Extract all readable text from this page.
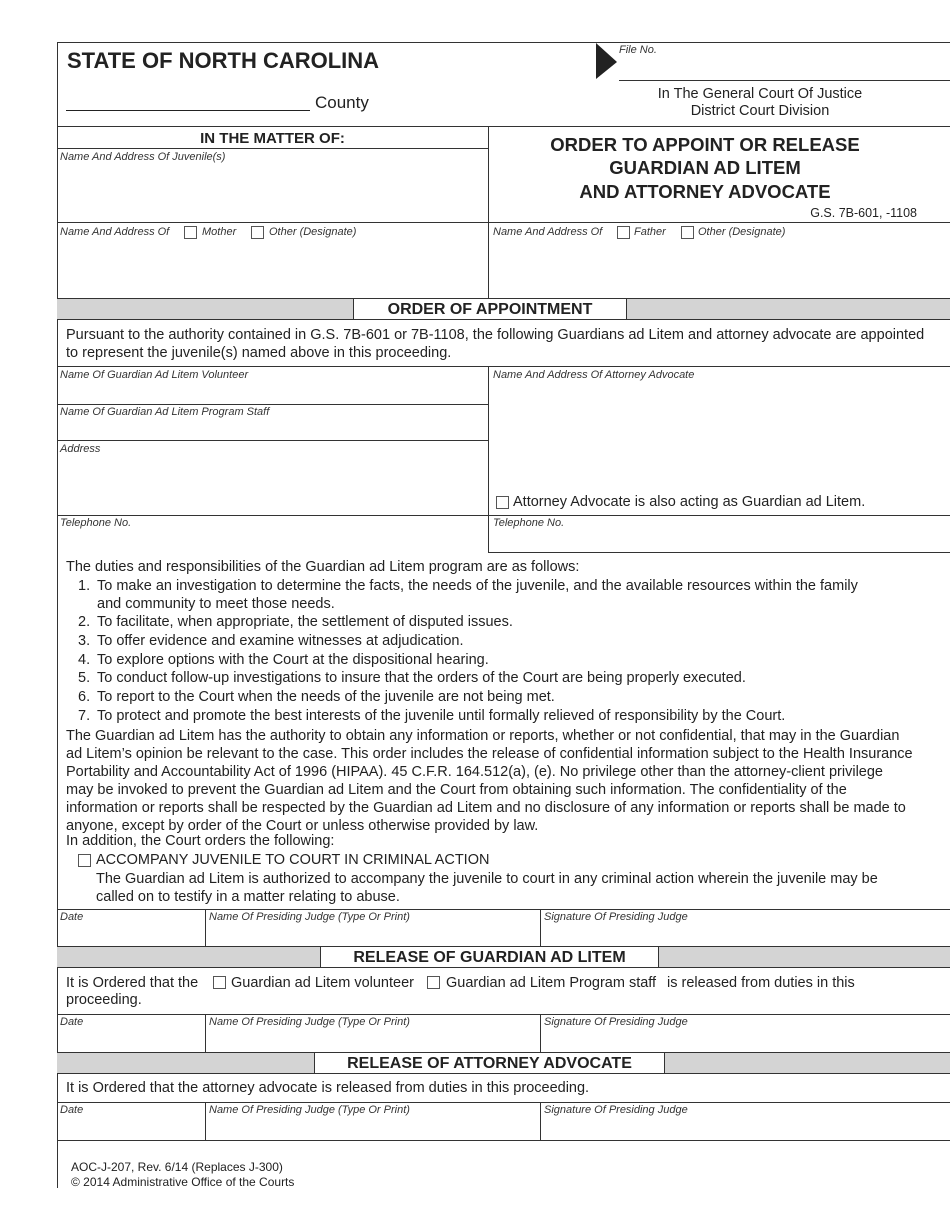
STATE OF NORTH CAROLINA
County
File No.
In The General Court Of Justice
District Court Division
IN THE MATTER OF:
Name And Address Of Juvenile(s)
ORDER TO APPOINT OR RELEASE
GUARDIAN AD LITEM
AND ATTORNEY ADVOCATE
G.S. 7B-601, -1108
Name And Address Of	Mother	Other (Designate)	Name And Address Of	Father	Other (Designate)
ORDER OF APPOINTMENT
Pursuant to the authority contained in G.S. 7B-601 or 7B-1108, the following Guardians ad Litem and attorney advocate are appointed to represent the juvenile(s) named above in this proceeding.
Name Of Guardian Ad Litem Volunteer
Name Of Guardian Ad Litem Program Staff
Address
Name And Address Of Attorney Advocate
Attorney Advocate is also acting as Guardian ad Litem.
Telephone No.	Telephone No.
The duties and responsibilities of the Guardian ad Litem program are as follows:
1. To make an investigation to determine the facts, the needs of the juvenile, and the available resources within the family and community to meet those needs.
2. To facilitate, when appropriate, the settlement of disputed issues.
3. To offer evidence and examine witnesses at adjudication.
4. To explore options with the Court at the dispositional hearing.
5. To conduct follow-up investigations to insure that the orders of the Court are being properly executed.
6. To report to the Court when the needs of the juvenile are not being met.
7. To protect and promote the best interests of the juvenile until formally relieved of responsibility by the Court.
The Guardian ad Litem has the authority to obtain any information or reports, whether or not confidential, that may in the Guardian ad Litem’s opinion be relevant to the case. This order includes the release of confidential information subject to the Health Insurance Portability and Accountability Act of 1996 (HIPAA). 45 C.F.R. 164.512(a), (e). No privilege other than the attorney-client privilege may be invoked to prevent the Guardian ad Litem and the Court from obtaining such information. The confidentiality of the information or reports shall be respected by the Guardian ad Litem and no disclosure of any information or reports shall be made to anyone, except by order of the Court or unless otherwise provided by law.
In addition, the Court orders the following:
ACCOMPANY JUVENILE TO COURT IN CRIMINAL ACTION
The Guardian ad Litem is authorized to accompany the juvenile to court in any criminal action wherein the juvenile may be called on to testify in a matter relating to abuse.
Date	Name Of Presiding Judge (Type Or Print)	Signature Of Presiding Judge
RELEASE OF GUARDIAN AD LITEM
It is Ordered that the
proceeding.
Guardian ad Litem volunteer Guardian ad Litem Program staff is released from duties in this
Date	Name Of Presiding Judge (Type Or Print)	Signature Of Presiding Judge
RELEASE OF ATTORNEY ADVOCATE
It is Ordered that the attorney advocate is released from duties in this proceeding.
Date	Name Of Presiding Judge (Type Or Print)	Signature Of Presiding Judge
AOC-J-207, Rev. 6/14 (Replaces J-300)
© 2014 Administrative Office of the Courts
